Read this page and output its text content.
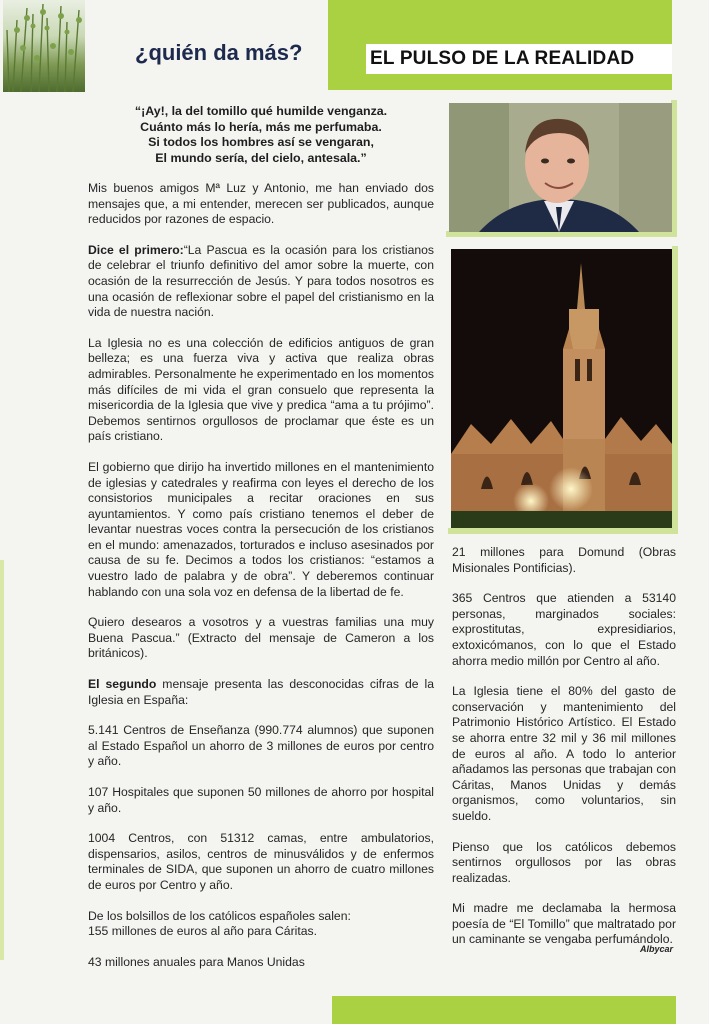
EL PULSO DE LA REALIDAD
¿quién da más?
“¡Ay!, la del tomillo qué humilde venganza.
Cuánto más lo hería, más me perfumaba.
Si todos los hombres así se vengaran,
El mundo sería, del cielo, antesala.”

Mis buenos amigos Mª Luz y Antonio, me han enviado dos mensajes que, a mi entender, merecen ser publicados, aunque reducidos por razones de espacio.

Dice el primero:“La Pascua es la ocasión para los cristianos de celebrar el triunfo definitivo del amor sobre la muerte, con ocasión de la resurrección de Jesús. Y para todos nosotros es una ocasión de reflexionar sobre el papel del cristianismo en la vida de nuestra nación.

La Iglesia no es una colección de edificios antiguos de gran belleza; es una fuerza viva y activa que realiza obras admirables. Personalmente he experimentado en los momentos más difíciles de mi vida el gran consuelo que representa la misericordia de la Iglesia que vive y predica “ama a tu prójimo”. Debemos sentirnos orgullosos de proclamar que éste es un país cristiano.

El gobierno que dirijo ha invertido millones en el mantenimiento de iglesias y catedrales y reafirma con leyes el derecho de los consistorios municipales a recitar oraciones en sus ayuntamientos. Y como país cristiano tenemos el deber de levantar nuestras voces contra la persecución de los cristianos en el mundo: amenazados, torturados e incluso asesinados por causa de su fe. Decimos a todos los cristianos: “estamos a vuestro lado de palabra y de obra”. Y deberemos continuar hablando con una sola voz en defensa de la libertad de fe.

Quiero desearos a vosotros y a vuestras familias una muy Buena Pascua.” (Extracto del mensaje de Cameron a los británicos).

El segundo mensaje presenta las desconocidas cifras de la Iglesia en España:

5.141 Centros de Enseñanza (990.774 alumnos) que suponen al Estado Español un ahorro de 3 millones de euros por centro y año.

107 Hospitales que suponen 50 millones de ahorro por hospital y año.

1004 Centros, con 51312 camas, entre ambulatorios, dispensarios, asilos, centros de minusválidos y de enfermos terminales de SIDA, que suponen un ahorro de cuatro millones de euros por Centro y año.

De los bolsillos de los católicos españoles salen:
155 millones de euros al año para Cáritas.

43 millones anuales para Manos Unidas

21 millones para Domund (Obras Misionales Pontificias).

365 Centros que atienden a 53140 personas, marginados sociales: exprostitutas, expresidiarios, extoxicómanos, con lo que el Estado ahorra medio millón por Centro al año.

La Iglesia tiene el 80% del gasto de conservación y mantenimiento del Patrimonio Histórico Artístico. El Estado se ahorra entre 32 mil y 36 mil millones de euros al año. A todo lo anterior añadamos las personas que trabajan con Cáritas, Manos Unidas y demás organismos, como voluntarios, sin sueldo.

Pienso que los católicos debemos sentirnos orgullosos por las obras realizadas.

Mi madre me declamaba la hermosa poesía de “El Tomillo” que maltratado por un caminante se vengaba perfumándolo.

Albycar
